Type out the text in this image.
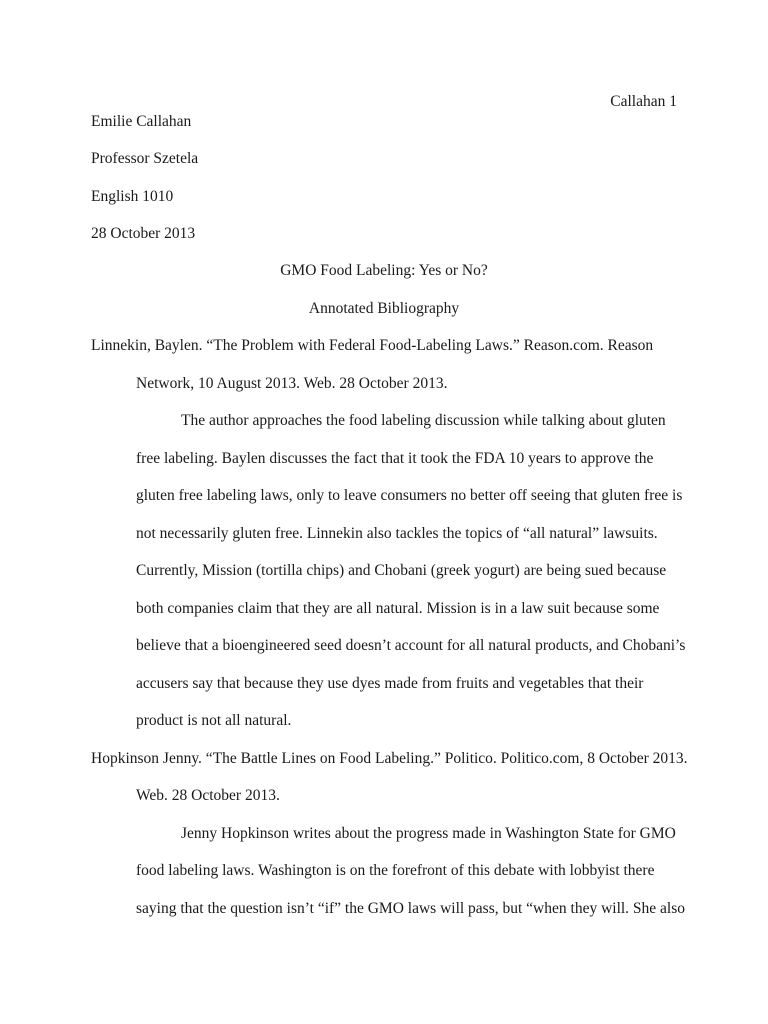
Callahan 1
Emilie Callahan
Professor Szetela
English 1010
28 October 2013
GMO Food Labeling: Yes or No?
Annotated Bibliography
Linnekin, Baylen. “The Problem with Federal Food-Labeling Laws.” Reason.com. Reason
Network, 10 August 2013. Web. 28 October 2013.
The author approaches the food labeling discussion while talking about gluten
free labeling. Baylen discusses the fact that it took the FDA 10 years to approve the
gluten free labeling laws, only to leave consumers no better off seeing that gluten free is
not necessarily gluten free. Linnekin also tackles the topics of “all natural” lawsuits.
Currently, Mission (tortilla chips) and Chobani (greek yogurt) are being sued because
both companies claim that they are all natural. Mission is in a law suit because some
believe that a bioengineered seed doesn’t account for all natural products, and Chobani’s
accusers say that because they use dyes made from fruits and vegetables that their
product is not all natural.
Hopkinson Jenny. “The Battle Lines on Food Labeling.” Politico. Politico.com, 8 October 2013.
Web. 28 October 2013.
Jenny Hopkinson writes about the progress made in Washington State for GMO
food labeling laws. Washington is on the forefront of this debate with lobbyist there
saying that the question isn’t “if” the GMO laws will pass, but “when they will. She also
